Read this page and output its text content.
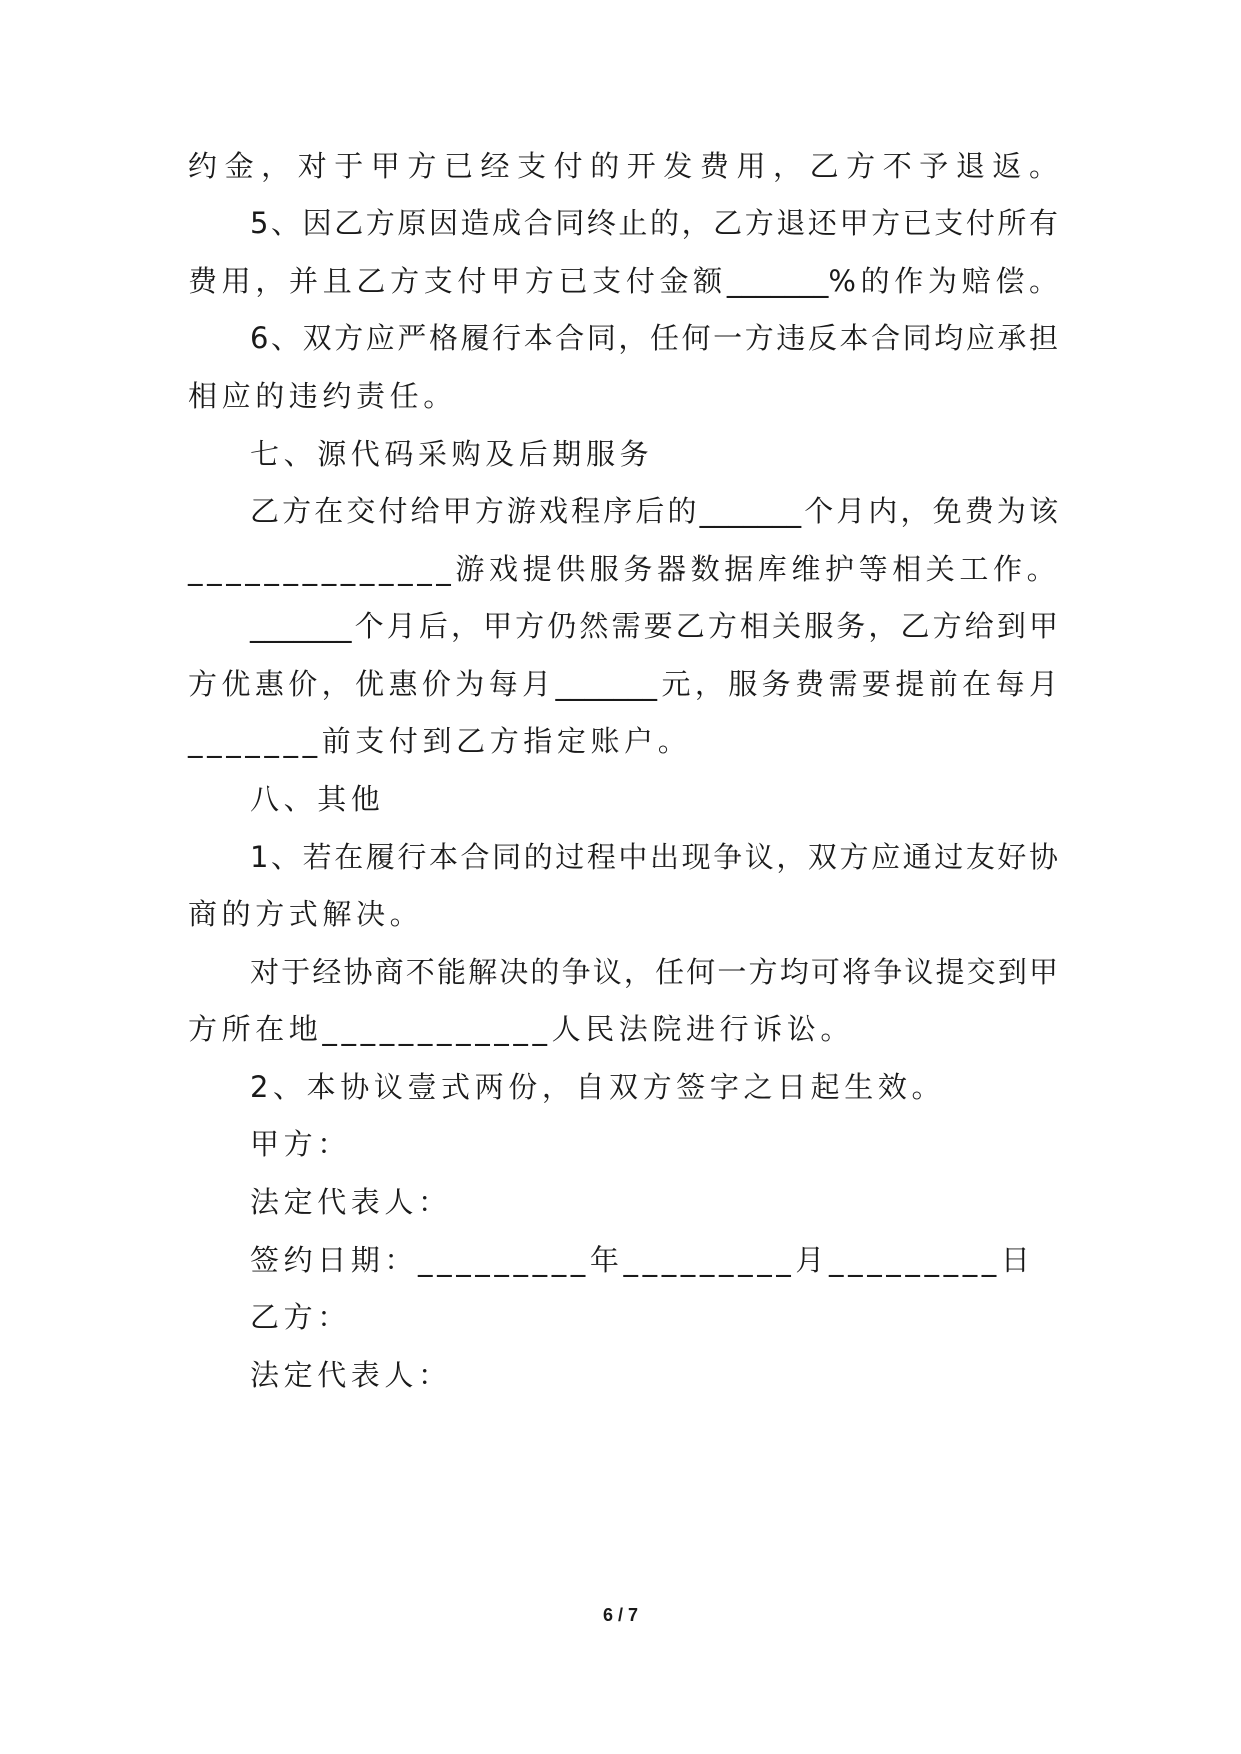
约金，对于甲方已经支付的开发费用，乙方不予退返。
5、因乙方原因造成合同终止的，乙方退还甲方已支付所有
费用，并且乙方支付甲方已支付金额_______%的作为赔偿。
6、双方应严格履行本合同，任何一方违反本合同均应承担
相应的违约责任。
七、源代码采购及后期服务
乙方在交付给甲方游戏程序后的_______个月内，免费为该
______________游戏提供服务器数据库维护等相关工作。
_______个月后，甲方仍然需要乙方相关服务，乙方给到甲
方优惠价，优惠价为每月_______元，服务费需要提前在每月
_______前支付到乙方指定账户。
八、其他
1、若在履行本合同的过程中出现争议，双方应通过友好协
商的方式解决。
对于经协商不能解决的争议，任何一方均可将争议提交到甲
方所在地____________人民法院进行诉讼。
2、本协议壹式两份，自双方签字之日起生效。
甲方：
法定代表人：
签约日期：_________年_________月_________日
乙方：
法定代表人：
6 / 7
